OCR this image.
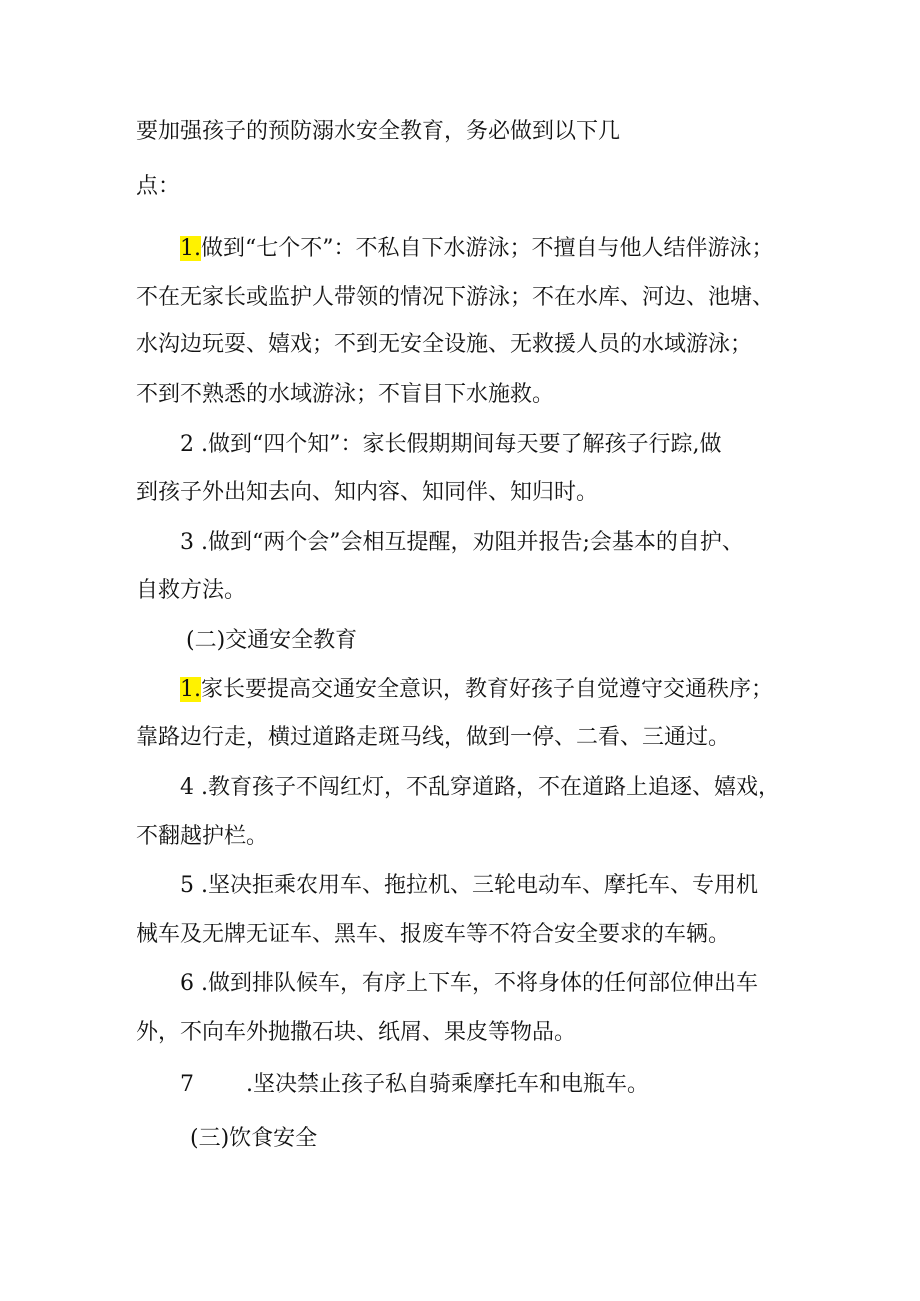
要加强孩子的预防溺水安全教育，务必做到以下几
点：
1.做到“七个不”：不私自下水游泳；不擅自与他人结伴游泳；
不在无家长或监护人带领的情况下游泳；不在水库、河边、池塘、
水沟边玩耍、嬉戏；不到无安全设施、无救援人员的水域游泳；
不到不熟悉的水域游泳；不盲目下水施救。
2 .做到“四个知”：家长假期期间每天要了解孩子行踪,做
到孩子外出知去向、知内容、知同伴、知归时。
3 .做到“两个会”会相互提醒，劝阻并报告;会基本的自护、
自救方法。
(二)交通安全教育
1.家长要提高交通安全意识，教育好孩子自觉遵守交通秩序；
靠路边行走，横过道路走斑马线，做到一停、二看、三通过。
4 .教育孩子不闯红灯，不乱穿道路，不在道路上追逐、嬉戏，
不翻越护栏。
5 .坚决拒乘农用车、拖拉机、三轮电动车、摩托车、专用机
械车及无牌无证车、黑车、报废车等不符合安全要求的车辆。
6 .做到排队候车，有序上下车，不将身体的任何部位伸出车
外，不向车外抛撒石块、纸屑、果皮等物品。
7 .坚决禁止孩子私自骑乘摩托车和电瓶车。
(三)饮食安全
